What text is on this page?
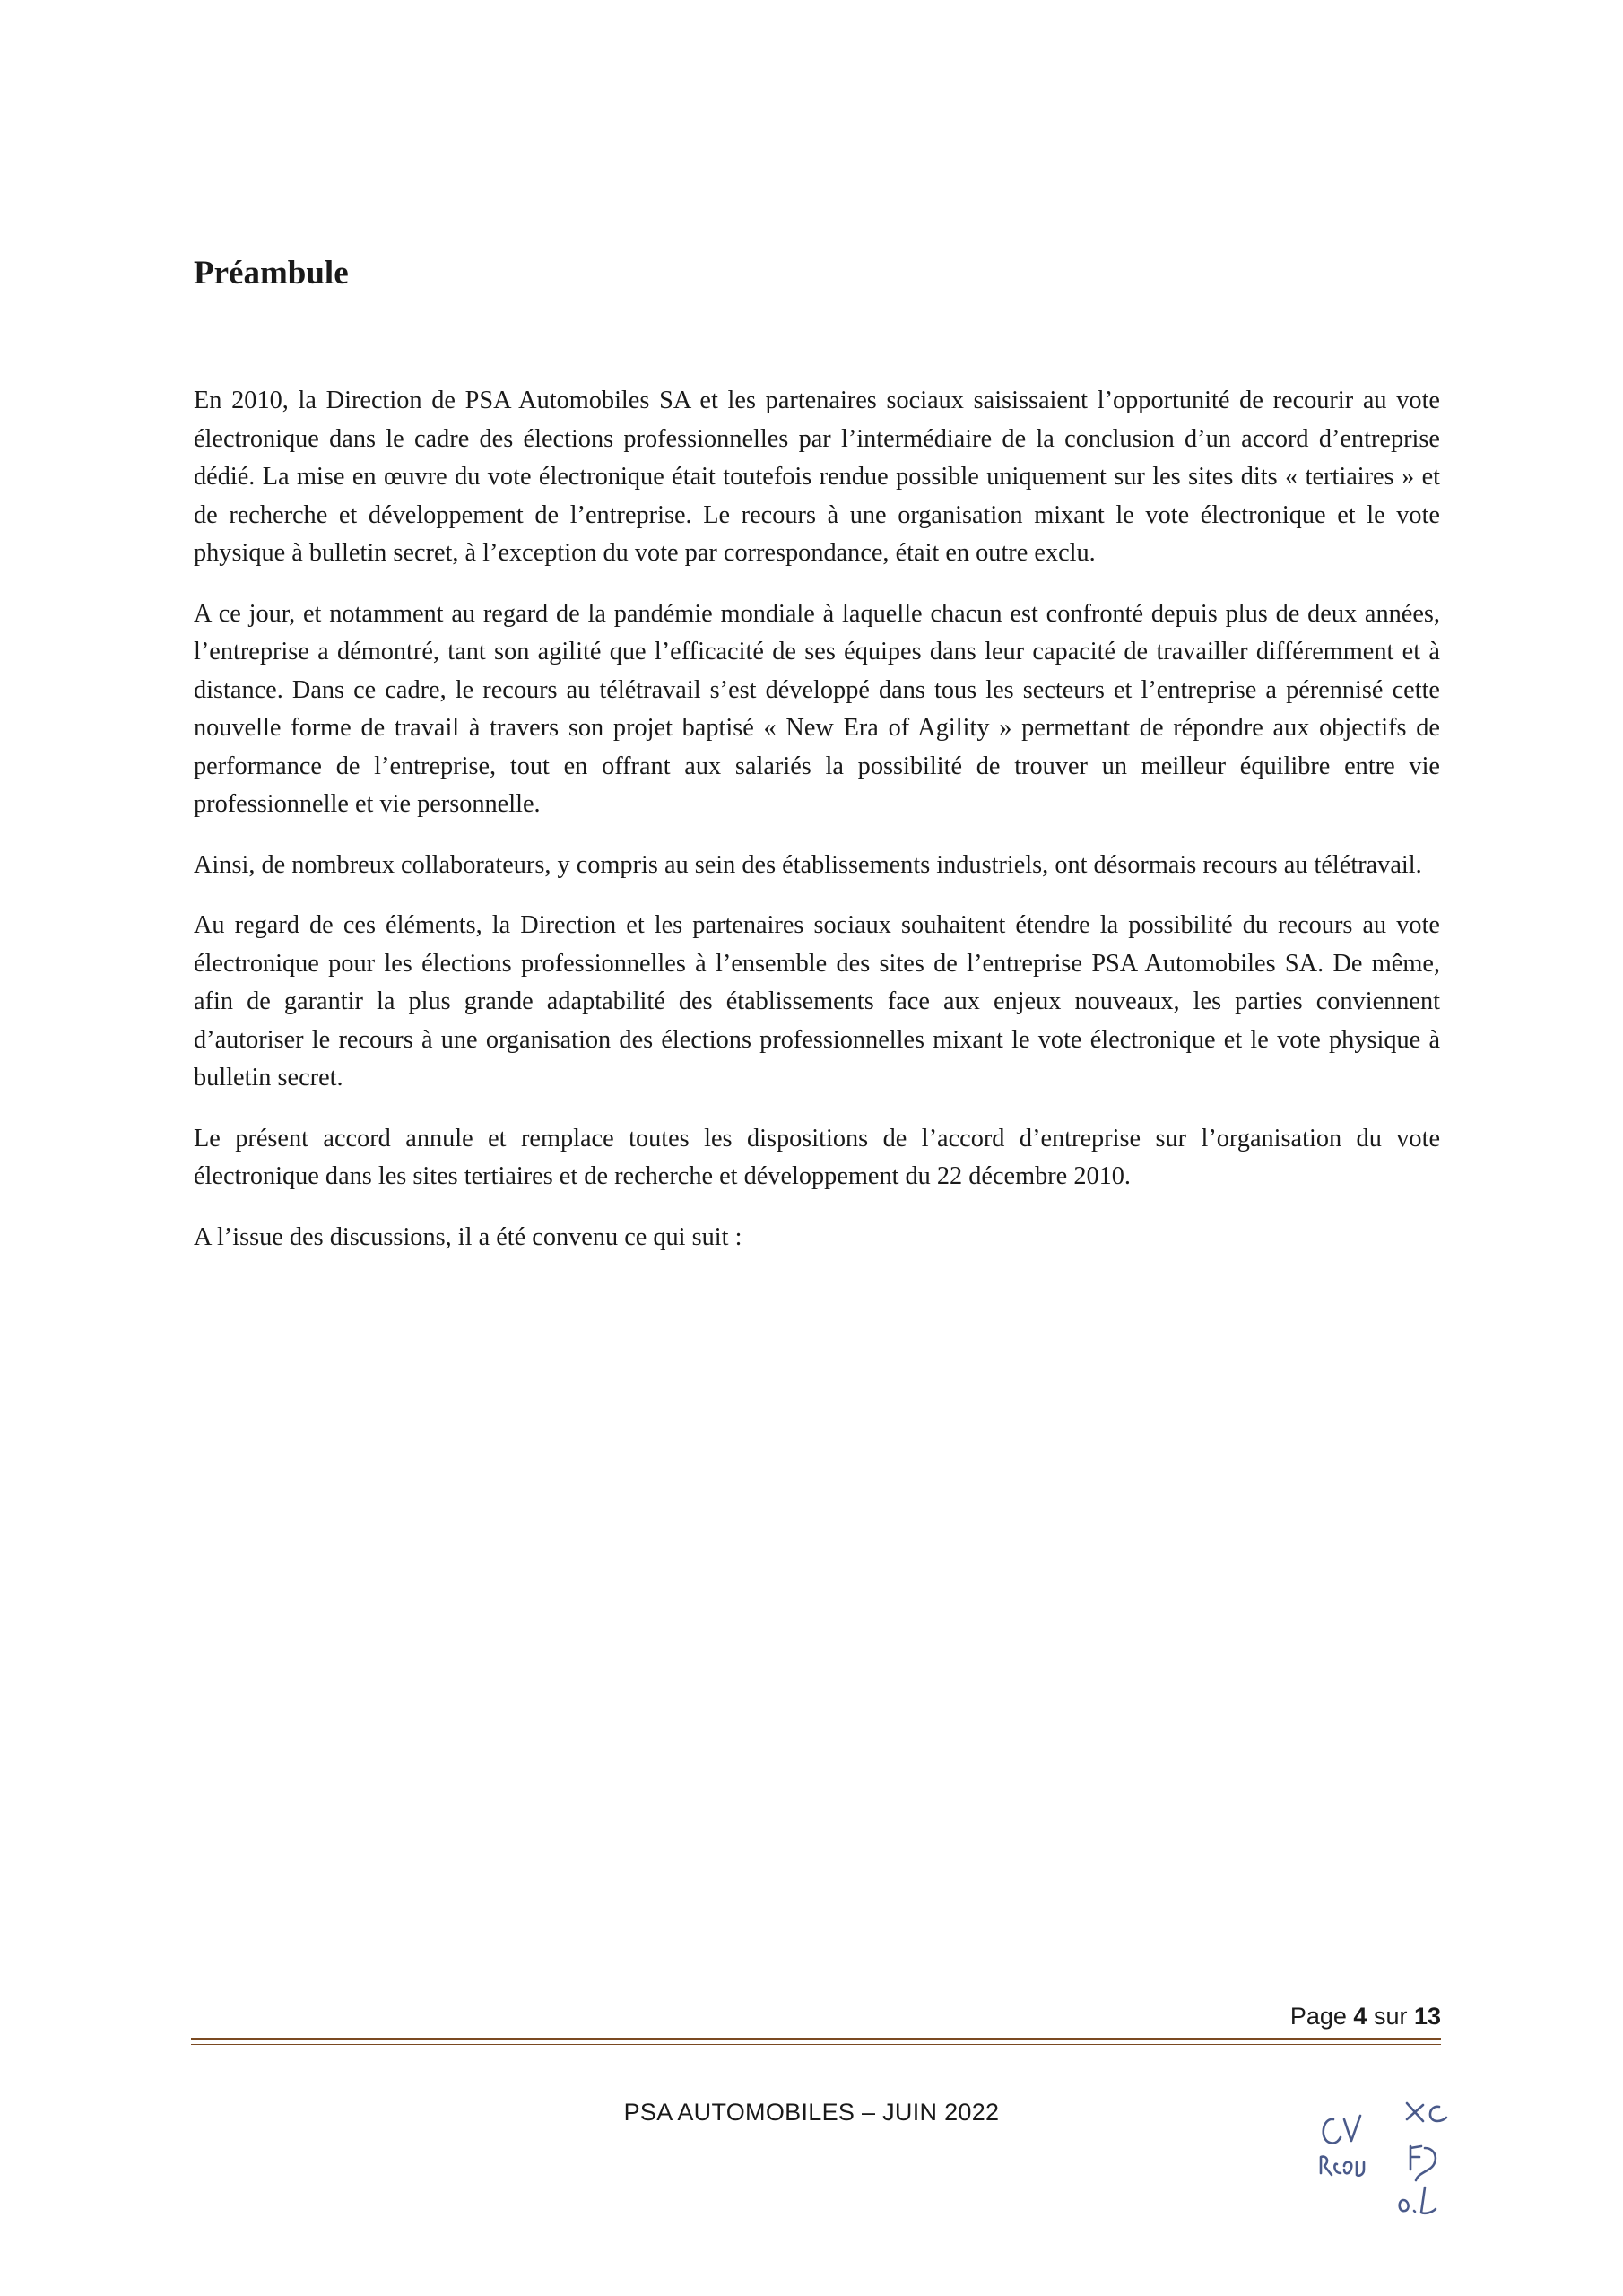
Préambule

En 2010, la Direction de PSA Automobiles SA et les partenaires sociaux saisissaient l’opportunité de recourir au vote électronique dans le cadre des élections professionnelles par l’intermédiaire de la conclusion d’un accord d’entreprise dédié. La mise en œuvre du vote électronique était toutefois rendue possible uniquement sur les sites dits « tertiaires » et de recherche et développement de l’entreprise. Le recours à une organisation mixant le vote électronique et le vote physique à bulletin secret, à l’exception du vote par correspondance, était en outre exclu.

A ce jour, et notamment au regard de la pandémie mondiale à laquelle chacun est confronté depuis plus de deux années, l’entreprise a démontré, tant son agilité que l’efficacité de ses équipes dans leur capacité de travailler différemment et à distance. Dans ce cadre, le recours au télétravail s’est développé dans tous les secteurs et l’entreprise a pérennisé cette nouvelle forme de travail à travers son projet baptisé « New Era of Agility » permettant de répondre aux objectifs de performance de l’entreprise, tout en offrant aux salariés la possibilité de trouver un meilleur équilibre entre vie professionnelle et vie personnelle.

Ainsi, de nombreux collaborateurs, y compris au sein des établissements industriels, ont désormais recours au télétravail.

Au regard de ces éléments, la Direction et les partenaires sociaux souhaitent étendre la possibilité du recours au vote électronique pour les élections professionnelles à l’ensemble des sites de l’entreprise PSA Automobiles SA. De même, afin de garantir la plus grande adaptabilité des établissements face aux enjeux nouveaux, les parties conviennent d’autoriser le recours à une organisation des élections professionnelles mixant le vote électronique et le vote physique à bulletin secret.

Le présent accord annule et remplace toutes les dispositions de l’accord d’entreprise sur l’organisation du vote électronique dans les sites tertiaires et de recherche et développement du 22 décembre 2010.

A l’issue des discussions, il a été convenu ce qui suit :

Page 4 sur 13
PSA AUTOMOBILES – JUIN 2022
